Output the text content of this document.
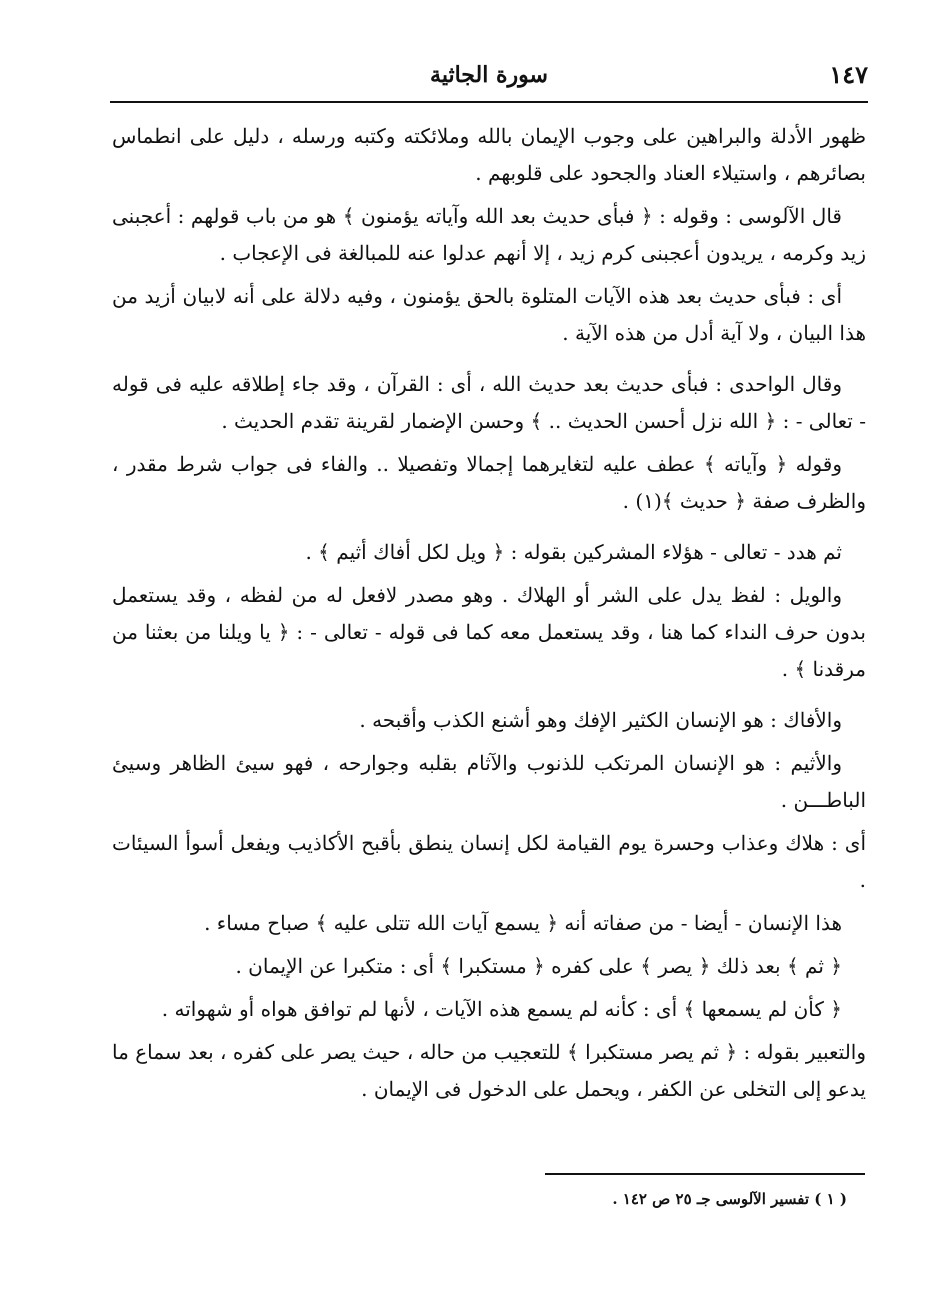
١٤٧
سورة الجاثية

ظهور الأدلة والبراهين على وجوب الإيمان بالله وملائكته وكتبه ورسله ، دليل على انطماس بصائرهم ، واستيلاء العناد والجحود على قلوبهم .

قال الآلوسى : وقوله : ﴿ فبأى حديث بعد الله وآياته يؤمنون ﴾ هو من باب قولهم : أعجبنى زيد وكرمه ، يريدون أعجبنى كرم زيد ، إلا أنهم عدلوا عنه للمبالغة فى الإعجاب .

أى : فبأى حديث بعد هذه الآيات المتلوة بالحق يؤمنون ، وفيه دلالة على أنه لابيان أزيد من هذا البيان ، ولا آية أدل من هذه الآية .

وقال الواحدى : فبأى حديث بعد حديث الله ، أى : القرآن ، وقد جاء إطلاقه عليه فى قوله - تعالى - : ﴿ الله نزل أحسن الحديث .. ﴾ وحسن الإضمار لقرينة تقدم الحديث .

وقوله ﴿ وآياته ﴾ عطف عليه لتغايرهما إجمالا وتفصيلا .. والفاء فى جواب شرط مقدر ، والظرف صفة ﴿ حديث ﴾(١) .

ثم هدد - تعالى - هؤلاء المشركين بقوله : ﴿ ويل لكل أفاك أثيم ﴾ .

والويل : لفظ يدل على الشر أو الهلاك . وهو مصدر لافعل له من لفظه ، وقد يستعمل بدون حرف النداء كما هنا ، وقد يستعمل معه كما فى قوله - تعالى - : ﴿ يا ويلنا من بعثنا من مرقدنا ﴾ .

والأفاك : هو الإنسان الكثير الإفك وهو أشنع الكذب وأقبحه .

والأثيم : هو الإنسان المرتكب للذنوب والآثام بقلبه وجوارحه ، فهو سيئ الظاهر وسيئ الباطـــن .

أى : هلاك وعذاب وحسرة يوم القيامة لكل إنسان ينطق بأقبح الأكاذيب ويفعل أسوأ السيئات .

هذا الإنسان - أيضا - من صفاته أنه ﴿ يسمع آيات الله تتلى عليه ﴾ صباح مساء .

﴿ ثم ﴾ بعد ذلك ﴿ يصر ﴾ على كفره ﴿ مستكبرا ﴾ أى : متكبرا عن الإيمان .

﴿ كأن لم يسمعها ﴾ أى : كأنه لم يسمع هذه الآيات ، لأنها لم توافق هواه أو شهواته .

والتعبير بقوله : ﴿ ثم يصر مستكبرا ﴾ للتعجيب من حاله ، حيث يصر على كفره ، بعد سماع ما يدعو إلى التخلى عن الكفر ، ويحمل على الدخول فى الإيمان .

( ١ ) تفسير الآلوسى جـ ٢٥ ص ١٤٢ .
